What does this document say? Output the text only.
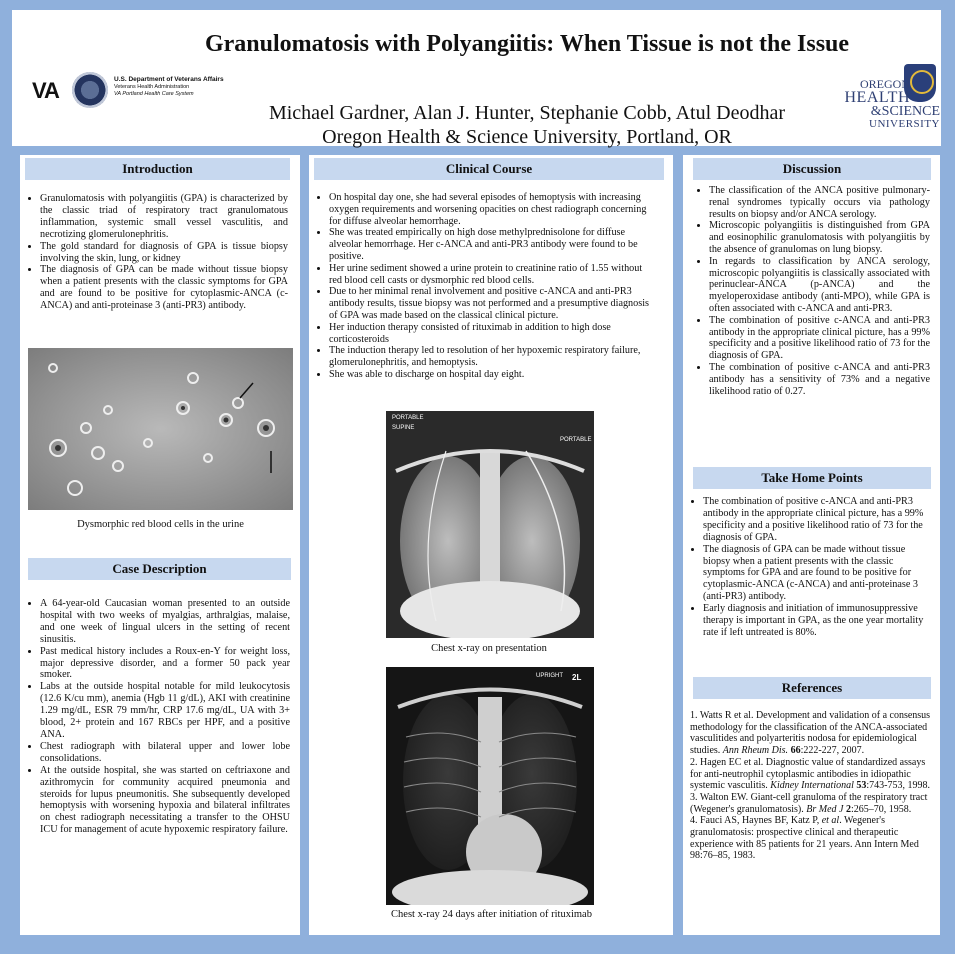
VA	U.S. Department of Veterans Affairs
Veterans Health Administration
VA Portland Health Care System
Granulomatosis with Polyangiitis: When Tissue is not the Issue
Michael Gardner, Alan J. Hunter, Stephanie Cobb, Atul Deodhar
Oregon Health & Science University, Portland, OR
OREGON
HEALTH
&SCIENCE
UNIVERSITY
Introduction
• Granulomatosis with polyangiitis (GPA) is characterized by the classic triad of respiratory tract granulomatous inflammation, systemic small vessel vasculitis, and necrotizing glomerulonephritis.
• The gold standard for diagnosis of GPA is tissue biopsy involving the skin, lung, or kidney
• The diagnosis of GPA can be made without tissue biopsy when a patient presents with the classic symptoms for GPA and are found to be positive for cytoplasmic-ANCA (c-ANCA) and anti-proteinase 3 (anti-PR3) antibody.
Dysmorphic red blood cells in the urine
Case Description
• A 64-year-old Caucasian woman presented to an outside hospital with two weeks of myalgias, arthralgias, malaise, and one week of lingual ulcers in the setting of recent sinusitis.
• Past medical history includes a Roux-en-Y for weight loss, major depressive disorder, and a former 50 pack year smoker.
• Labs at the outside hospital notable for mild leukocytosis (12.6 K/cu mm), anemia (Hgb 11 g/dL), AKI with creatinine 1.29 mg/dL, ESR 79 mm/hr, CRP 17.6 mg/dL, UA with 3+ blood, 2+ protein and 167 RBCs per HPF, and a positive ANA.
• Chest radiograph with bilateral upper and lower lobe consolidations.
• At the outside hospital, she was started on ceftriaxone and azithromycin for community acquired pneumonia and steroids for lupus pneumonitis. She subsequently developed hemoptysis with worsening hypoxia and bilateral infiltrates on chest radiograph necessitating a transfer to the OHSU ICU for management of acute hypoxemic respiratory failure.
Clinical Course
• On hospital day one, she had several episodes of hemoptysis with increasing oxygen requirements and worsening opacities on chest radiograph concerning for diffuse alveolar hemorrhage.
• She was treated empirically on high dose methylprednisolone for diffuse alveolar hemorrhage. Her c-ANCA and anti-PR3 antibody were found to be positive.
• Her urine sediment showed a urine protein to creatinine ratio of 1.55 without red blood cell casts or dysmorphic red blood cells.
• Due to her minimal renal involvement and positive c-ANCA and anti-PR3 antibody results, tissue biopsy was not performed and a presumptive diagnosis of GPA was made based on the classical clinical picture.
• Her induction therapy consisted of rituximab in addition to high dose corticosteroids
• The induction therapy led to resolution of her hypoxemic respiratory failure, glomerulonephritis, and hemoptysis.
• She was able to discharge on hospital day eight.
PORTABLE
SUPINE
PORTABLE
Chest x-ray on presentation
UPRIGHT 2L
Chest x-ray 24 days after initiation of rituximab
Discussion
• The classification of the ANCA positive pulmonary-renal syndromes typically occurs via pathology results on biopsy and/or ANCA serology.
• Microscopic polyangiitis is distinguished from GPA and eosinophilic granulomatosis with polyangiitis by the absence of granulomas on lung biopsy.
• In regards to classification by ANCA serology, microscopic polyangiitis is classically associated with perinuclear-ANCA (p-ANCA) and the myeloperoxidase antibody (anti-MPO), while GPA is often associated with c-ANCA and anti-PR3.
• The combination of positive c-ANCA and anti-PR3 antibody in the appropriate clinical picture, has a 99% specificity and a positive likelihood ratio of 73 for the diagnosis of GPA.
• The combination of positive c-ANCA and anti-PR3 antibody has a sensitivity of 73% and a negative likelihood ratio of 0.27.
Take Home Points
• The combination of positive c-ANCA and anti-PR3 antibody in the appropriate clinical picture, has a 99% specificity and a positive likelihood ratio of 73 for the diagnosis of GPA.
• The diagnosis of GPA can be made without tissue biopsy when a patient presents with the classic symptoms for GPA and are found to be positive for cytoplasmic-ANCA (c-ANCA) and anti-proteinase 3 (anti-PR3) antibody.
• Early diagnosis and initiation of immunosuppressive therapy is important in GPA, as the one year mortality rate if left untreated is 80%.
References

1. Watts R et al. Development and validation of a consensus methodology for the classification of the ANCA-associated vasculitides and polyarteritis nodosa for epidemiological studies. Ann Rheum Dis. 66:222-227, 2007.

2. Hagen EC et al. Diagnostic value of standardized assays for anti-neutrophil cytoplasmic antibodies in idiopathic systemic vasculitis. Kidney International 53:743-753, 1998.

3. Walton EW. Giant-cell granuloma of the respiratory tract (Wegener's granulomatosis). Br Med J 2:265–70, 1958.

4. Fauci AS, Haynes BF, Katz P, et al. Wegener's granulomatosis: prospective clinical and therapeutic experience with 85 patients for 21 years. Ann Intern Med 98:76–85, 1983.
